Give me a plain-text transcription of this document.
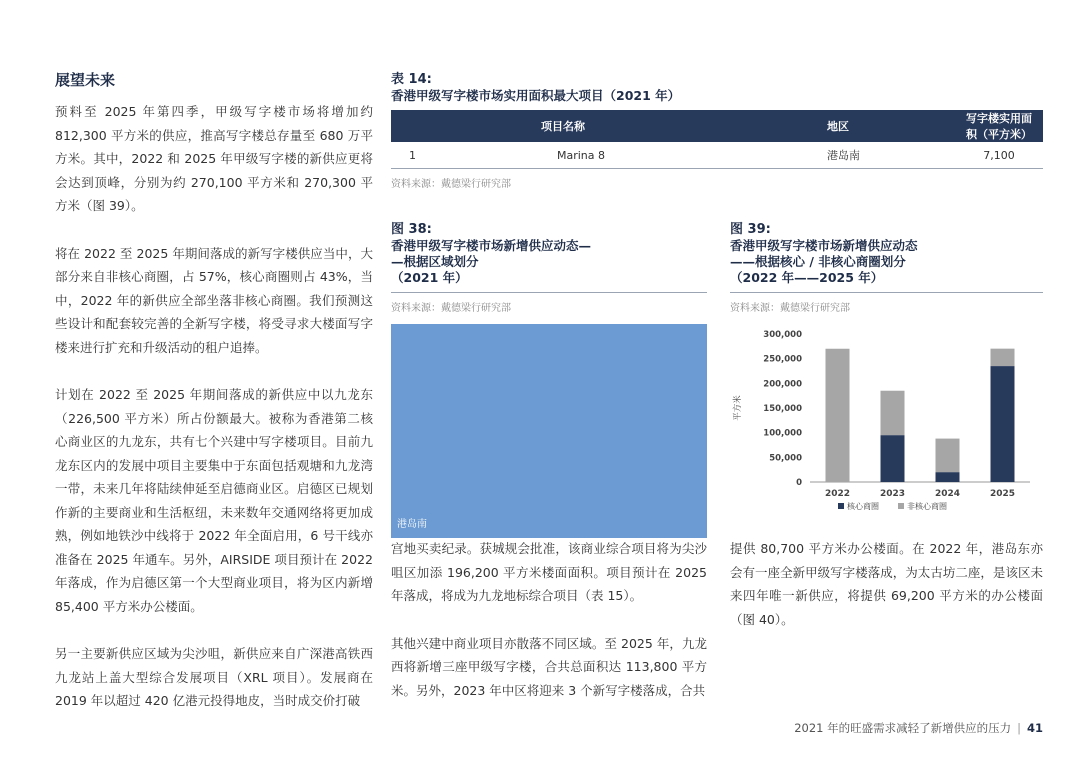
展望未来

预料至 2025 年第四季，甲级写字楼市场将增加约 812,300 平方米的供应，推高写字楼总存量至 680 万平方米。其中，2022 和 2025 年甲级写字楼的新供应更将会达到顶峰，分别为约 270,100 平方米和 270,300 平方米（图 39）。

将在 2022 至 2025 年期间落成的新写字楼供应当中，大部分来自非核心商圈，占 57%，核心商圈则占 43%，当中，2022 年的新供应全部坐落非核心商圈。我们预测这些设计和配套较完善的全新写字楼，将受寻求大楼面写字楼来进行扩充和升级活动的租户追捧。

计划在 2022 至 2025 年期间落成的新供应中以九龙东（226,500 平方米）所占份额最大。被称为香港第二核心商业区的九龙东，共有七个兴建中写字楼项目。目前九龙东区内的发展中项目主要集中于东面包括观塘和九龙湾一带，未来几年将陆续伸延至启德商业区。启德区已规划作新的主要商业和生活枢纽，未来数年交通网络将更加成熟，例如地铁沙中线将于 2022 年全面启用，6 号干线亦准备在 2025 年通车。另外，AIRSIDE 项目预计在 2022 年落成，作为启德区第一个大型商业项目，将为区内新增 85,400 平方米办公楼面。

另一主要新供应区域为尖沙咀，新供应来自广深港高铁西九龙站上盖大型综合发展项目（XRL 项目）。发展商在 2019 年以超过 420 亿港元投得地皮，当时成交价打破

表 14:
香港甲级写字楼市场实用面积最大项目（2021 年）
	项目名称	地区	写字楼实用面积（平方米）
1	Marina 8	港岛南	7,100
资料来源：戴德梁行研究部
图 38:
香港甲级写字楼市场新增供应动态—
—根据区域划分
（2021 年）
资料来源：戴德梁行研究部
港岛南
图 39:
香港甲级写字楼市场新增供应动态
——根据核心 / 非核心商圈划分
（2022 年——2025 年）
资料来源：戴德梁行研究部
0
50,000
100,000
150,000
200,000
250,000
300,000
平方米
2022	2023	2024	2025
核心商圈	非核心商圈

宫地买卖纪录。获城规会批准，该商业综合项目将为尖沙咀区加添 196,200 平方米楼面面积。项目预计在 2025 年落成，将成为九龙地标综合项目（表 15）。

其他兴建中商业项目亦散落不同区域。至 2025 年，九龙西将新增三座甲级写字楼，合共总面积达 113,800 平方米。另外，2023 年中区将迎来 3 个新写字楼落成，合共

提供 80,700 平方米办公楼面。在 2022 年，港岛东亦会有一座全新甲级写字楼落成，为太古坊二座，是该区未来四年唯一新供应，将提供 69,200 平方米的办公楼面（图 40）。

2021 年的旺盛需求减轻了新增供应的压力 | 41
